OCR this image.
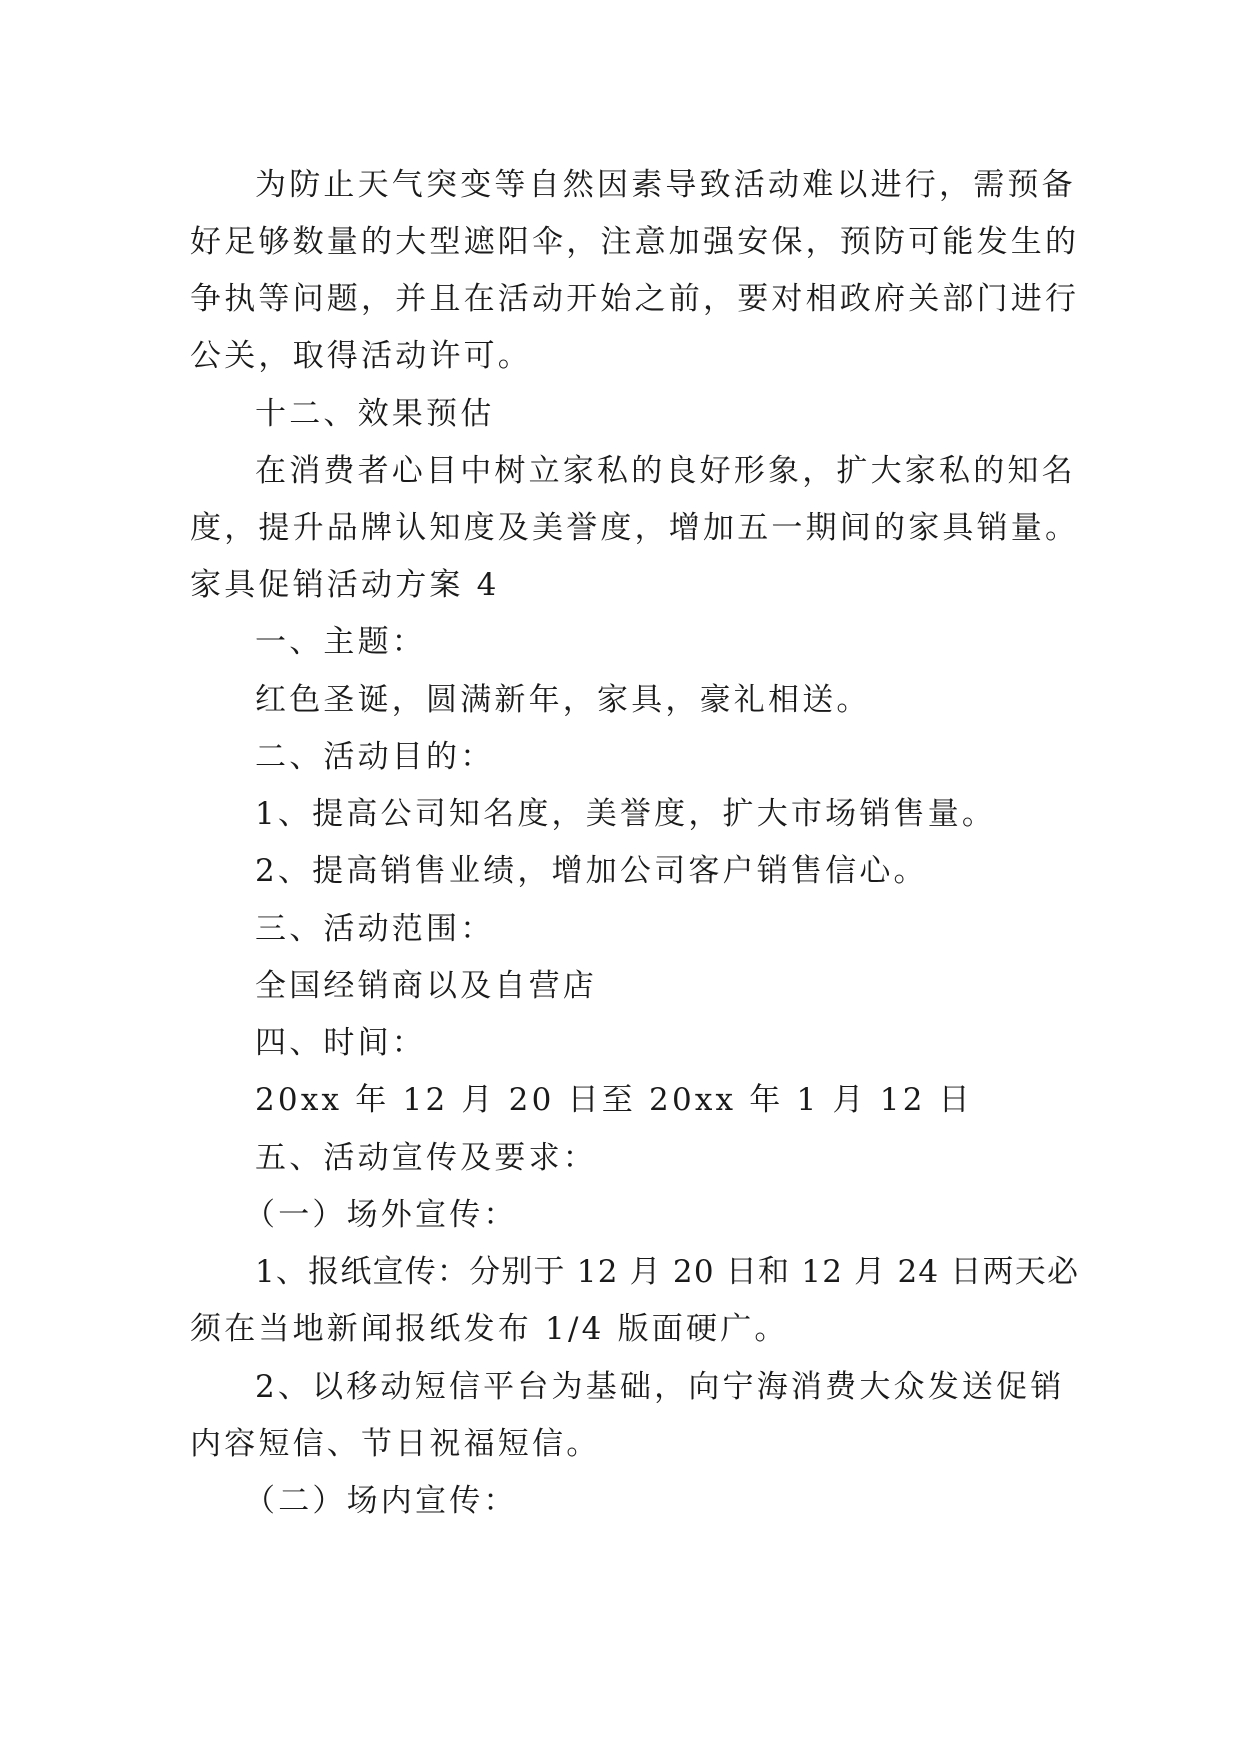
为防止天气突变等自然因素导致活动难以进行，需预备
好足够数量的大型遮阳伞，注意加强安保，预防可能发生的
争执等问题，并且在活动开始之前，要对相政府关部门进行
公关，取得活动许可。
十二、效果预估
在消费者心目中树立家私的良好形象，扩大家私的知名
度，提升品牌认知度及美誉度，增加五一期间的家具销量。
家具促销活动方案 4
一、主题：
红色圣诞，圆满新年，家具，豪礼相送。
二、活动目的：
1、提高公司知名度，美誉度，扩大市场销售量。
2、提高销售业绩，增加公司客户销售信心。
三、活动范围：
全国经销商以及自营店
四、时间：
20xx 年 12 月 20 日至 20xx 年 1 月 12 日
五、活动宣传及要求：
（一）场外宣传：
1、报纸宣传：分别于 12 月 20 日和 12 月 24 日两天必
须在当地新闻报纸发布 1/4 版面硬广。
2、以移动短信平台为基础，向宁海消费大众发送促销
内容短信、节日祝福短信。
（二）场内宣传：
